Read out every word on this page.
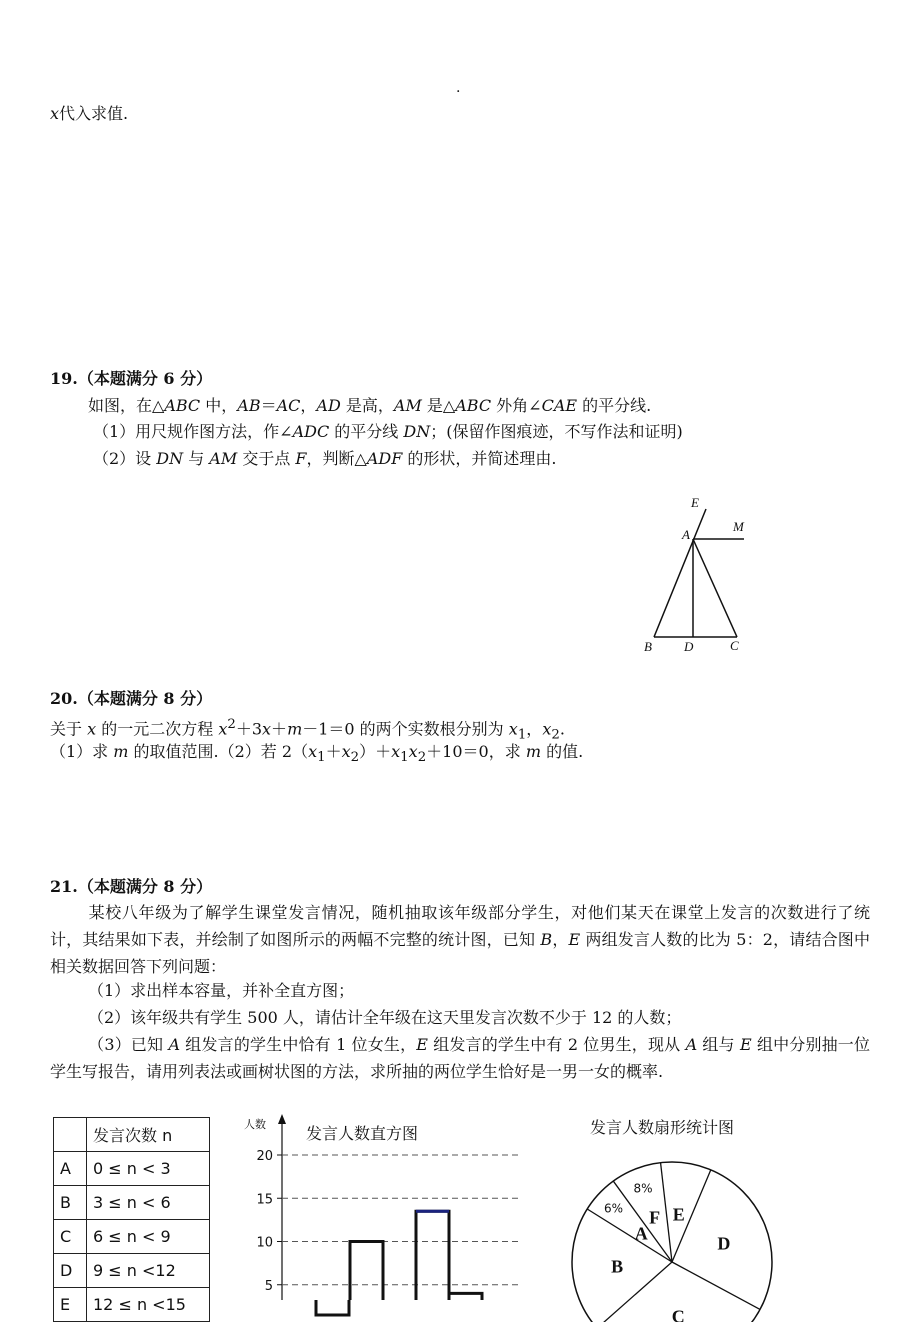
.
x代入求值.
19.（本题满分 6 分）
如图，在△ABC 中，AB＝AC，AD 是高，AM 是△ABC 外角∠CAE 的平分线.
（1）用尺规作图方法，作∠ADC 的平分线 DN；(保留作图痕迹，不写作法和证明)
（2）设 DN 与 AM 交于点 F，判断△ADF 的形状，并简述理由.
20.（本题满分 8 分）
关于 x 的一元二次方程 $x^2+3x+m-1=0$ 的两个实数根分别为 $x_1$，$x_2$.
（1）求 m 的取值范围.（2）若 $2(x_1+x_2)+x_1x_2+10=0$，求 m 的值.
21.（本题满分 8 分）
某校八年级为了解学生课堂发言情况，随机抽取该年级部分学生，对他们某天在课堂上发言的次数进行了统计，其结果如下表，并绘制了如图所示的两幅不完整的统计图，已知 B，E 两组发言人数的比为 5：2，请结合图中相关数据回答下列问题：
（1）求出样本容量，并补全直方图；
（2）该年级共有学生 500 人，请估计全年级在这天里发言次数不少于 12 的人数；
（3）已知 A 组发言的学生中恰有 1 位女生，E 组发言的学生中有 2 位男生，现从 A 组与 E 组中分别抽一位学生写报告，请用列表法或画树状图的方法，求所抽的两位学生恰好是一男一女的概率.
	发言次数 n
A	0 ≤ n < 3
B	3 ≤ n < 6
C	6 ≤ n < 9
D	9 ≤ n <12
E	12 ≤ n <15
E
A
M
B D	C
发言人数直方图
人数
5
10
15
20
发言人数扇形统计图
A
6% F
8%
E
D
C
B
